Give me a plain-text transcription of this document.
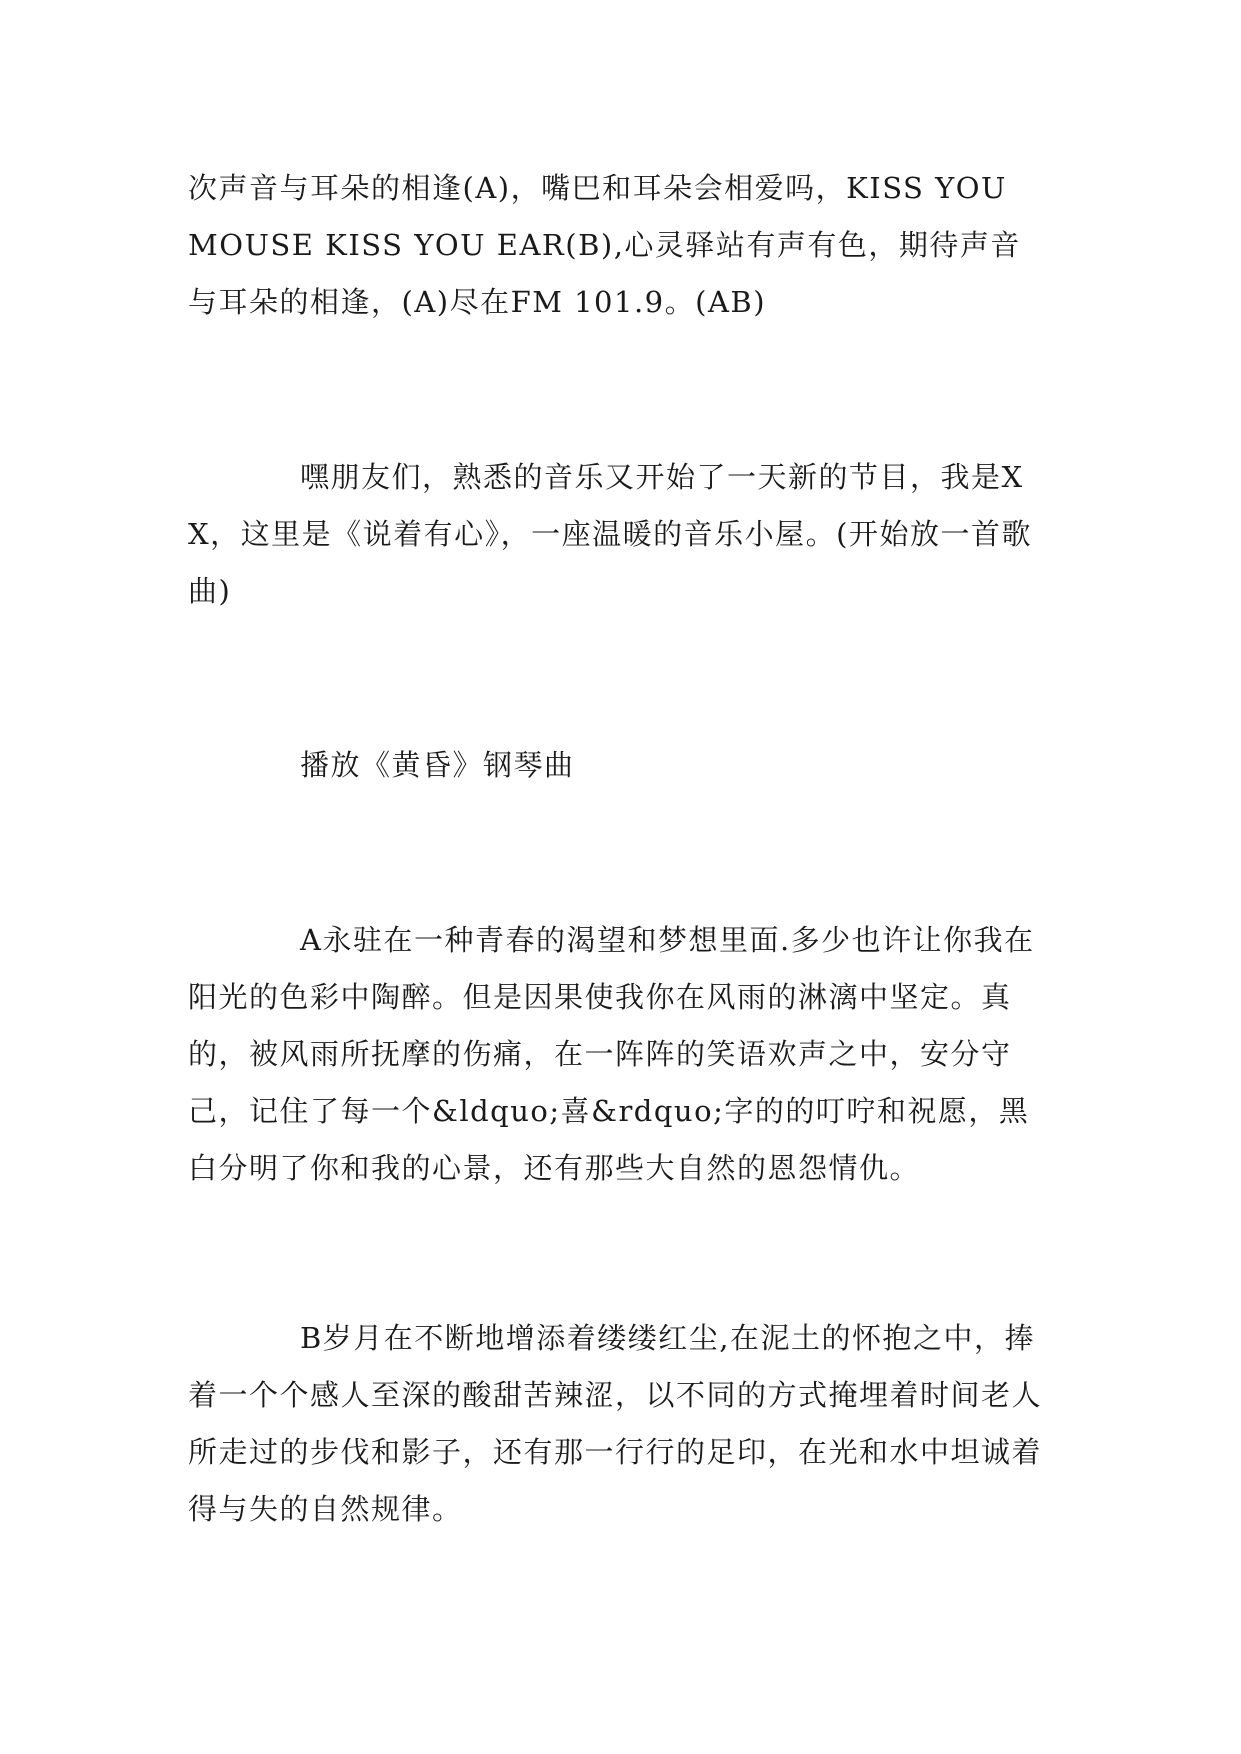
次声音与耳朵的相逢(A)，嘴巴和耳朵会相爱吗，KISS YOU MOUSE KISS YOU EAR(B),心灵驿站有声有色，期待声音与耳朵的相逢，(A)尽在FM 101.9。(AB)

嘿朋友们，熟悉的音乐又开始了一天新的节目，我是XX，这里是《说着有心》，一座温暖的音乐小屋。(开始放一首歌曲)

播放《黄昏》钢琴曲

A永驻在一种青春的渴望和梦想里面.多少也许让你我在阳光的色彩中陶醉。但是因果使我你在风雨的淋漓中坚定。真的，被风雨所抚摩的伤痛，在一阵阵的笑语欢声之中，安分守己，记住了每一个&ldquo;喜&rdquo;字的的叮咛和祝愿，黑白分明了你和我的心景，还有那些大自然的恩怨情仇。

B岁月在不断地增添着缕缕红尘,在泥土的怀抱之中，捧着一个个感人至深的酸甜苦辣涩，以不同的方式掩埋着时间老人所走过的步伐和影子，还有那一行行的足印，在光和水中坦诚着得与失的自然规律。
